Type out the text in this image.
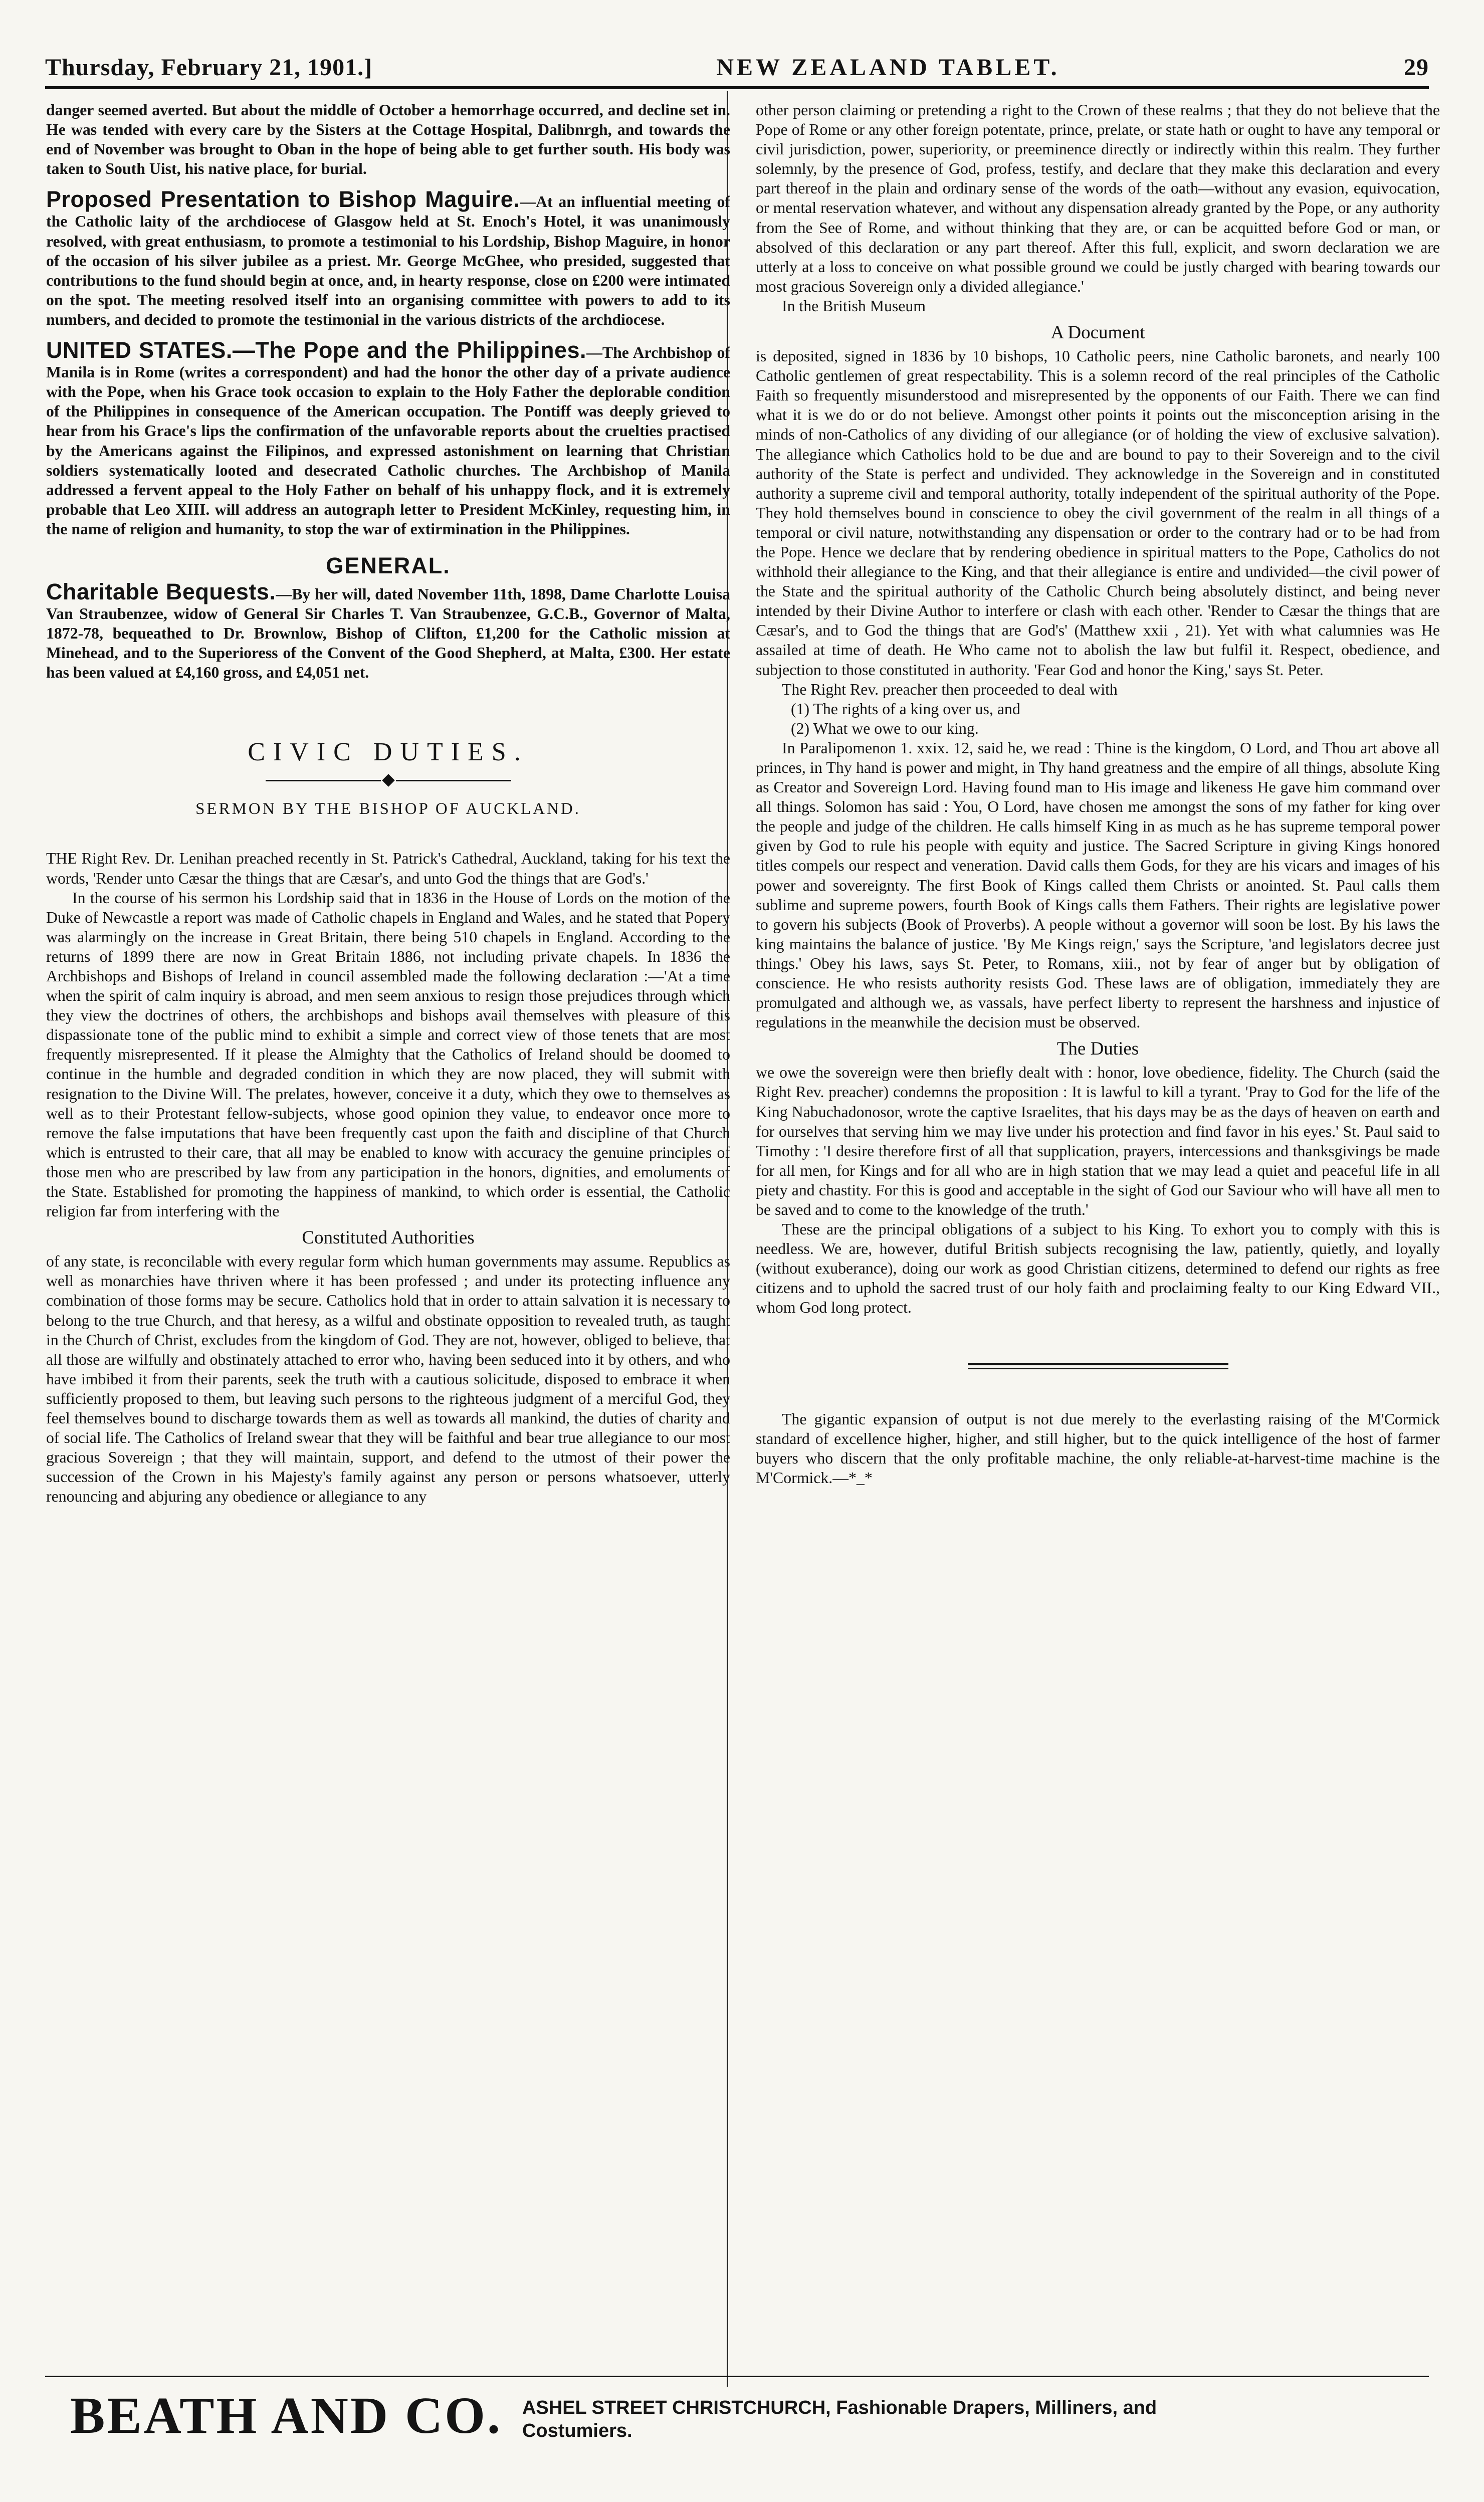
Thursday, February 21, 1901.]	NEW ZEALAND TABLET.	29

danger seemed averted. But about the middle of October a hemorrhage occurred, and decline set in. He was tended with every care by the Sisters at the Cottage Hospital, Dalibnrgh, and towards the end of November was brought to Oban in the hope of being able to get further south. His body was taken to South Uist, his native place, for burial.

Proposed Presentation to Bishop Maguire.—At an influential meeting of the Catholic laity of the archdiocese of Glasgow held at St. Enoch's Hotel, it was unanimously resolved, with great enthusiasm, to promote a testimonial to his Lordship, Bishop Maguire, in honor of the occasion of his silver jubilee as a priest. Mr. George McGhee, who presided, suggested that contributions to the fund should begin at once, and, in hearty response, close on £200 were intimated on the spot. The meeting resolved itself into an organising committee with powers to add to its numbers, and decided to promote the testimonial in the various districts of the archdiocese.

UNITED STATES.—The Pope and the Philippines.—The Archbishop of Manila is in Rome (writes a correspondent) and had the honor the other day of a private audience with the Pope, when his Grace took occasion to explain to the Holy Father the deplorable condition of the Philippines in consequence of the American occupation. The Pontiff was deeply grieved to hear from his Grace's lips the confirmation of the unfavorable reports about the cruelties practised by the Americans against the Filipinos, and expressed astonishment on learning that Christian soldiers systematically looted and desecrated Catholic churches. The Archbishop of Manila addressed a fervent appeal to the Holy Father on behalf of his unhappy flock, and it is extremely probable that Leo XIII. will address an autograph letter to President McKinley, requesting him, in the name of religion and humanity, to stop the war of extirmination in the Philippines.

GENERAL.

Charitable Bequests.—By her will, dated November 11th, 1898, Dame Charlotte Louisa Van Straubenzee, widow of General Sir Charles T. Van Straubenzee, G.C.B., Governor of Malta, 1872-78, bequeathed to Dr. Brownlow, Bishop of Clifton, £1,200 for the Catholic mission at Minehead, and to the Superioress of the Convent of the Good Shepherd, at Malta, £300. Her estate has been valued at £4,160 gross, and £4,051 net.

CIVIC DUTIES.
SERMON BY THE BISHOP OF AUCKLAND.

THE Right Rev. Dr. Lenihan preached recently in St. Patrick's Cathedral, Auckland, taking for his text the words, 'Render unto Cæsar the things that are Cæsar's, and unto God the things that are God's.'

In the course of his sermon his Lordship said that in 1836 in the House of Lords on the motion of the Duke of Newcastle a report was made of Catholic chapels in England and Wales, and he stated that Popery was alarmingly on the increase in Great Britain, there being 510 chapels in England. According to the returns of 1899 there are now in Great Britain 1886, not including private chapels. In 1836 the Archbishops and Bishops of Ireland in council assembled made the following declaration :—'At a time when the spirit of calm inquiry is abroad, and men seem anxious to resign those prejudices through which they view the doctrines of others, the archbishops and bishops avail themselves with pleasure of this dispassionate tone of the public mind to exhibit a simple and correct view of those tenets that are most frequently misrepresented. If it please the Almighty that the Catholics of Ireland should be doomed to continue in the humble and degraded condition in which they are now placed, they will submit with resignation to the Divine Will. The prelates, however, conceive it a duty, which they owe to themselves as well as to their Protestant fellow-subjects, whose good opinion they value, to endeavor once more to remove the false imputations that have been frequently cast upon the faith and discipline of that Church which is entrusted to their care, that all may be enabled to know with accuracy the genuine principles of those men who are prescribed by law from any participation in the honors, dignities, and emoluments of the State. Established for promoting the happiness of mankind, to which order is essential, the Catholic religion far from interfering with the

Constituted Authorities

of any state, is reconcilable with every regular form which human governments may assume. Republics as well as monarchies have thriven where it has been professed ; and under its protecting influence any combination of those forms may be secure. Catholics hold that in order to attain salvation it is necessary to belong to the true Church, and that heresy, as a wilful and obstinate opposition to revealed truth, as taught in the Church of Christ, excludes from the kingdom of God. They are not, however, obliged to believe, that all those are wilfully and obstinately attached to error who, having been seduced into it by others, and who have imbibed it from their parents, seek the truth with a cautious solicitude, disposed to embrace it when sufficiently proposed to them, but leaving such persons to the righteous judgment of a merciful God, they feel themselves bound to discharge towards them as well as towards all mankind, the duties of charity and of social life. The Catholics of Ireland swear that they will be faithful and bear true allegiance to our most gracious Sovereign ; that they will maintain, support, and defend to the utmost of their power the succession of the Crown in his Majesty's family against any person or persons whatsoever, utterly renouncing and abjuring any obedience or allegiance to any

other person claiming or pretending a right to the Crown of these realms ; that they do not believe that the Pope of Rome or any other foreign potentate, prince, prelate, or state hath or ought to have any temporal or civil jurisdiction, power, superiority, or preeminence directly or indirectly within this realm. They further solemnly, by the presence of God, profess, testify, and declare that they make this declaration and every part thereof in the plain and ordinary sense of the words of the oath—without any evasion, equivocation, or mental reservation whatever, and without any dispensation already granted by the Pope, or any authority from the See of Rome, and without thinking that they are, or can be acquitted before God or man, or absolved of this declaration or any part thereof. After this full, explicit, and sworn declaration we are utterly at a loss to conceive on what possible ground we could be justly charged with bearing towards our most gracious Sovereign only a divided allegiance.'

In the British Museum

A Document

is deposited, signed in 1836 by 10 bishops, 10 Catholic peers, nine Catholic baronets, and nearly 100 Catholic gentlemen of great respectability. This is a solemn record of the real principles of the Catholic Faith so frequently misunderstood and misrepresented by the opponents of our Faith. There we can find what it is we do or do not believe. Amongst other points it points out the misconception arising in the minds of non-Catholics of any dividing of our allegiance (or of holding the view of exclusive salvation). The allegiance which Catholics hold to be due and are bound to pay to their Sovereign and to the civil authority of the State is perfect and undivided. They acknowledge in the Sovereign and in constituted authority a supreme civil and temporal authority, totally independent of the spiritual authority of the Pope. They hold themselves bound in conscience to obey the civil government of the realm in all things of a temporal or civil nature, notwithstanding any dispensation or order to the contrary had or to be had from the Pope. Hence we declare that by rendering obedience in spiritual matters to the Pope, Catholics do not withhold their allegiance to the King, and that their allegiance is entire and undivided—the civil power of the State and the spiritual authority of the Catholic Church being absolutely distinct, and being never intended by their Divine Author to interfere or clash with each other. 'Render to Cæsar the things that are Cæsar's, and to God the things that are God's' (Matthew xxii , 21). Yet with what calumnies was He assailed at time of death. He Who came not to abolish the law but fulfil it. Respect, obedience, and subjection to those constituted in authority. 'Fear God and honor the King,' says St. Peter.

The Right Rev. preacher then proceeded to deal with

(1) The rights of a king over us, and

(2) What we owe to our king.

In Paralipomenon 1. xxix. 12, said he, we read : Thine is the kingdom, O Lord, and Thou art above all princes, in Thy hand is power and might, in Thy hand greatness and the empire of all things, absolute King as Creator and Sovereign Lord. Having found man to His image and likeness He gave him command over all things. Solomon has said : You, O Lord, have chosen me amongst the sons of my father for king over the people and judge of the children. He calls himself King in as much as he has supreme temporal power given by God to rule his people with equity and justice. The Sacred Scripture in giving Kings honored titles compels our respect and veneration. David calls them Gods, for they are his vicars and images of his power and sovereignty. The first Book of Kings called them Christs or anointed. St. Paul calls them sublime and supreme powers, fourth Book of Kings calls them Fathers. Their rights are legislative power to govern his subjects (Book of Proverbs). A people without a governor will soon be lost. By his laws the king maintains the balance of justice. 'By Me Kings reign,' says the Scripture, 'and legislators decree just things.' Obey his laws, says St. Peter, to Romans, xiii., not by fear of anger but by obligation of conscience. He who resists authority resists God. These laws are of obligation, immediately they are promulgated and although we, as vassals, have perfect liberty to represent the harshness and injustice of regulations in the meanwhile the decision must be observed.

The Duties

we owe the sovereign were then briefly dealt with : honor, love obedience, fidelity. The Church (said the Right Rev. preacher) condemns the proposition : It is lawful to kill a tyrant. 'Pray to God for the life of the King Nabuchadonosor, wrote the captive Israelites, that his days may be as the days of heaven on earth and for ourselves that serving him we may live under his protection and find favor in his eyes.' St. Paul said to Timothy : 'I desire therefore first of all that supplication, prayers, intercessions and thanksgivings be made for all men, for Kings and for all who are in high station that we may lead a quiet and peaceful life in all piety and chastity. For this is good and acceptable in the sight of God our Saviour who will have all men to be saved and to come to the knowledge of the truth.'

These are the principal obligations of a subject to his King. To exhort you to comply with this is needless. We are, however, dutiful British subjects recognising the law, patiently, quietly, and loyally (without exuberance), doing our work as good Christian citizens, determined to defend our rights as free citizens and to uphold the sacred trust of our holy faith and proclaiming fealty to our King Edward VII., whom God long protect.

The gigantic expansion of output is not due merely to the everlasting raising of the M'Cormick standard of excellence higher, higher, and still higher, but to the quick intelligence of the host of farmer buyers who discern that the only profitable machine, the only reliable-at-harvest-time machine is the M'Cormick.—*_*

BEATH AND CO. ASHEL STREET CHRISTCHURCH, Fashionable Drapers, Milliners, and
Costumiers.
